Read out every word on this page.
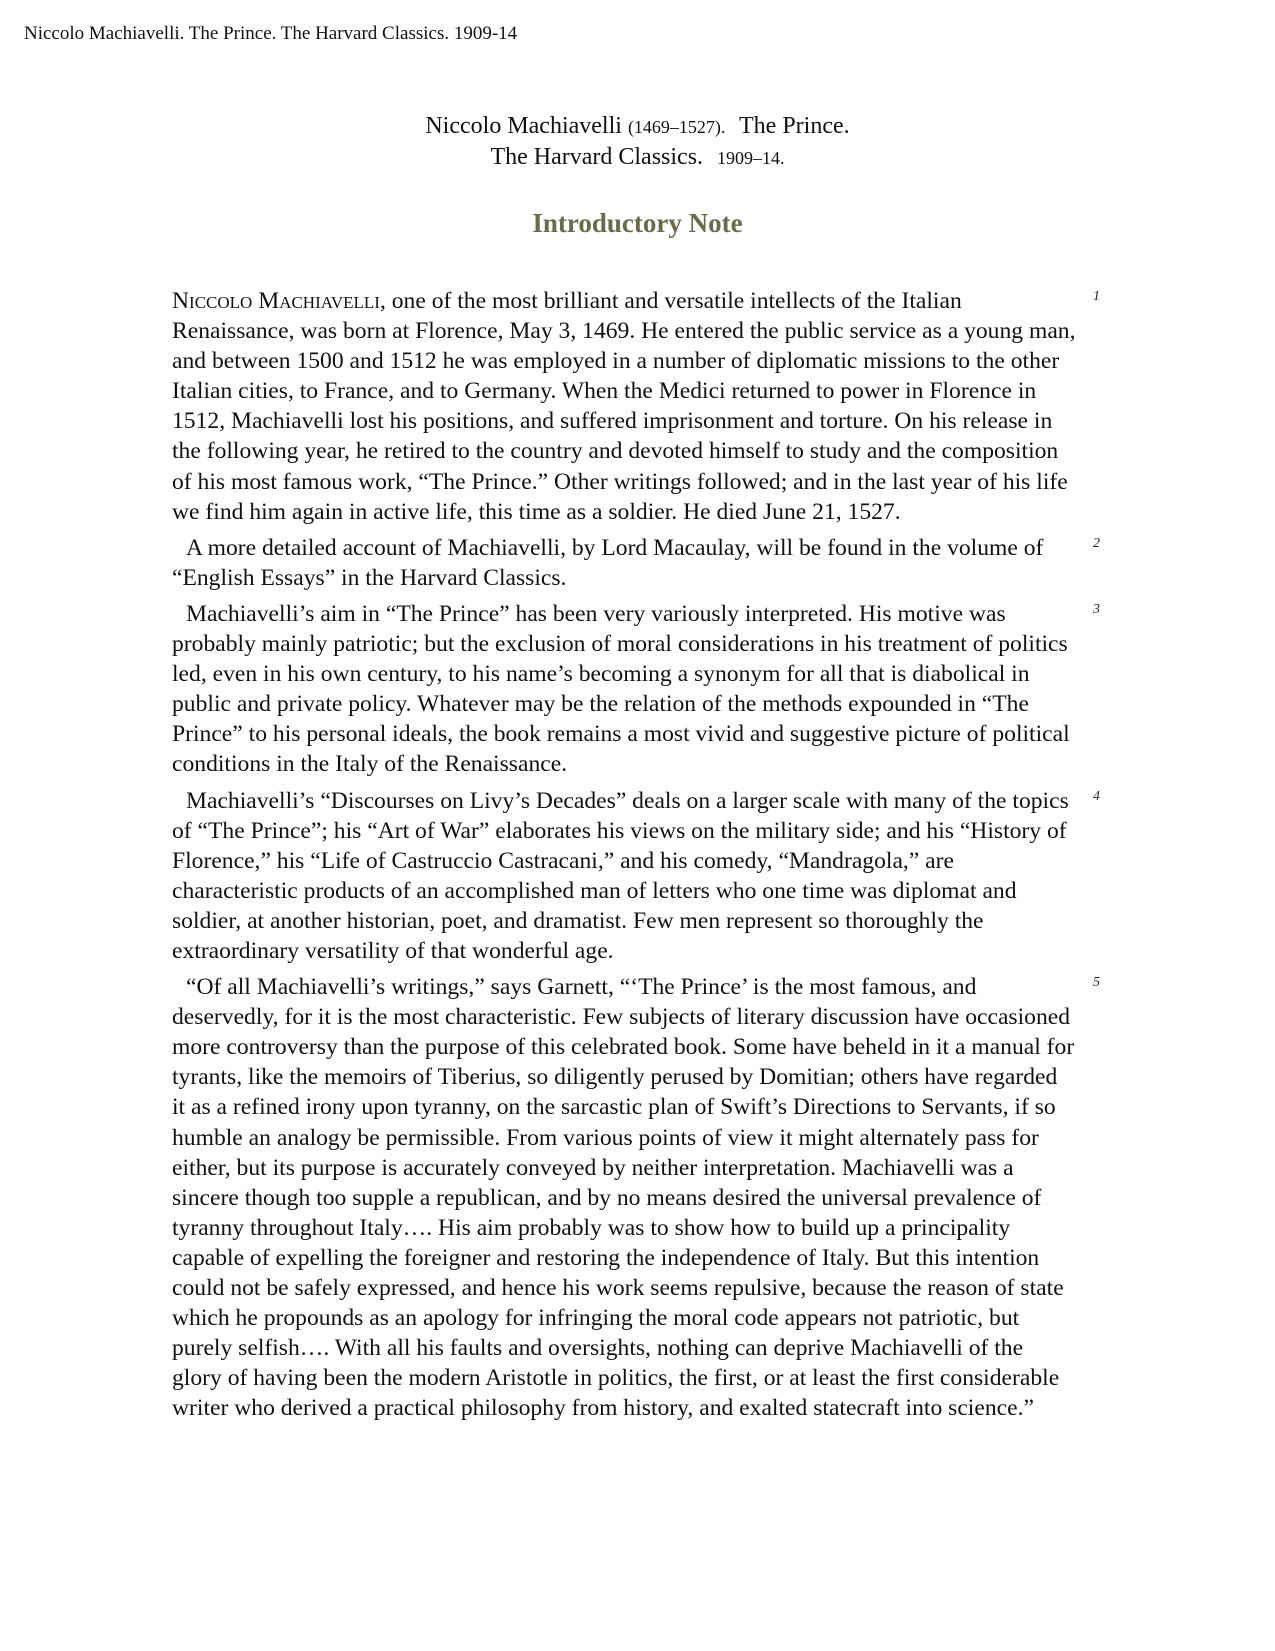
Niccolo Machiavelli. The Prince. The Harvard Classics. 1909-14
Niccolo Machiavelli (1469–1527). The Prince.
The Harvard Classics. 1909–14.
Introductory Note

Niccolo Machiavelli, one of the most brilliant and versatile intellects of the Italian Renaissance, was born at Florence, May 3, 1469. He entered the public service as a young man, and between 1500 and 1512 he was employed in a number of diplomatic missions to the other Italian cities, to France, and to Germany. When the Medici returned to power in Florence in 1512, Machiavelli lost his positions, and suffered imprisonment and torture. On his release in the following year, he retired to the country and devoted himself to study and the composition of his most famous work, “The Prince.” Other writings followed; and in the last year of his life we find him again in active life, this time as a soldier. He died June 21, 1527.
1

A more detailed account of Machiavelli, by Lord Macaulay, will be found in the volume of “English Essays” in the Harvard Classics.
2

Machiavelli’s aim in “The Prince” has been very variously interpreted. His motive was probably mainly patriotic; but the exclusion of moral considerations in his treatment of politics led, even in his own century, to his name’s becoming a synonym for all that is diabolical in public and private policy. Whatever may be the relation of the methods expounded in “The Prince” to his personal ideals, the book remains a most vivid and suggestive picture of political conditions in the Italy of the Renaissance.
3

Machiavelli’s “Discourses on Livy’s Decades” deals on a larger scale with many of the topics of “The Prince”; his “Art of War” elaborates his views on the military side; and his “History of Florence,” his “Life of Castruccio Castracani,” and his comedy, “Mandragola,” are characteristic products of an accomplished man of letters who one time was diplomat and soldier, at another historian, poet, and dramatist. Few men represent so thoroughly the extraordinary versatility of that wonderful age.
4

“Of all Machiavelli’s writings,” says Garnett, “‘The Prince’ is the most famous, and deservedly, for it is the most characteristic. Few subjects of literary discussion have occasioned more controversy than the purpose of this celebrated book. Some have beheld in it a manual for tyrants, like the memoirs of Tiberius, so diligently perused by Domitian; others have regarded it as a refined irony upon tyranny, on the sarcastic plan of Swift’s Directions to Servants, if so humble an analogy be permissible. From various points of view it might alternately pass for either, but its purpose is accurately conveyed by neither interpretation. Machiavelli was a sincere though too supple a republican, and by no means desired the universal prevalence of tyranny throughout Italy…. His aim probably was to show how to build up a principality capable of expelling the foreigner and restoring the independence of Italy. But this intention could not be safely expressed, and hence his work seems repulsive, because the reason of state which he propounds as an apology for infringing the moral code appears not patriotic, but purely selfish…. With all his faults and oversights, nothing can deprive Machiavelli of the glory of having been the modern Aristotle in politics, the first, or at least the first considerable writer who derived a practical philosophy from history, and exalted statecraft into science.”
5
